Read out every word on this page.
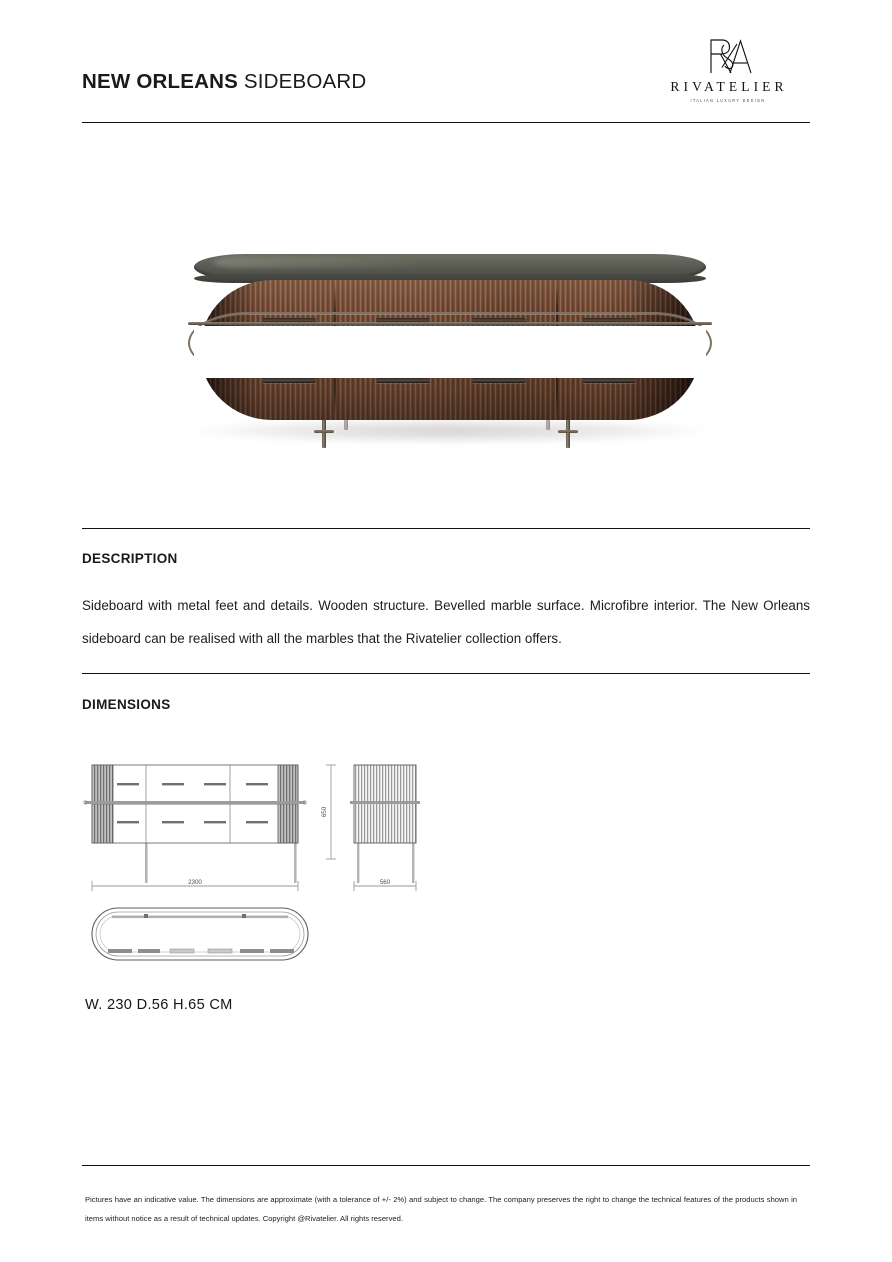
NEW ORLEANS SIDEBOARD	RIVATELIER
ITALIAN LUXURY DESIGN
DESCRIPTION
Sideboard with metal feet and details. Wooden structure. Bevelled marble surface. Microfibre interior. The New Orleans sideboard can be realised with all the marbles that the Rivatelier collection offers.
DIMENSIONS
2300
650
560
W. 230 D.56 H.65 CM
Pictures have an indicative value. The dimensions are approximate (with a tolerance of +/- 2%) and subject to change. The company preserves the right to change the technical features of the products shown in items without notice as a result of technical updates. Copyright @Rivatelier. All rights reserved.
